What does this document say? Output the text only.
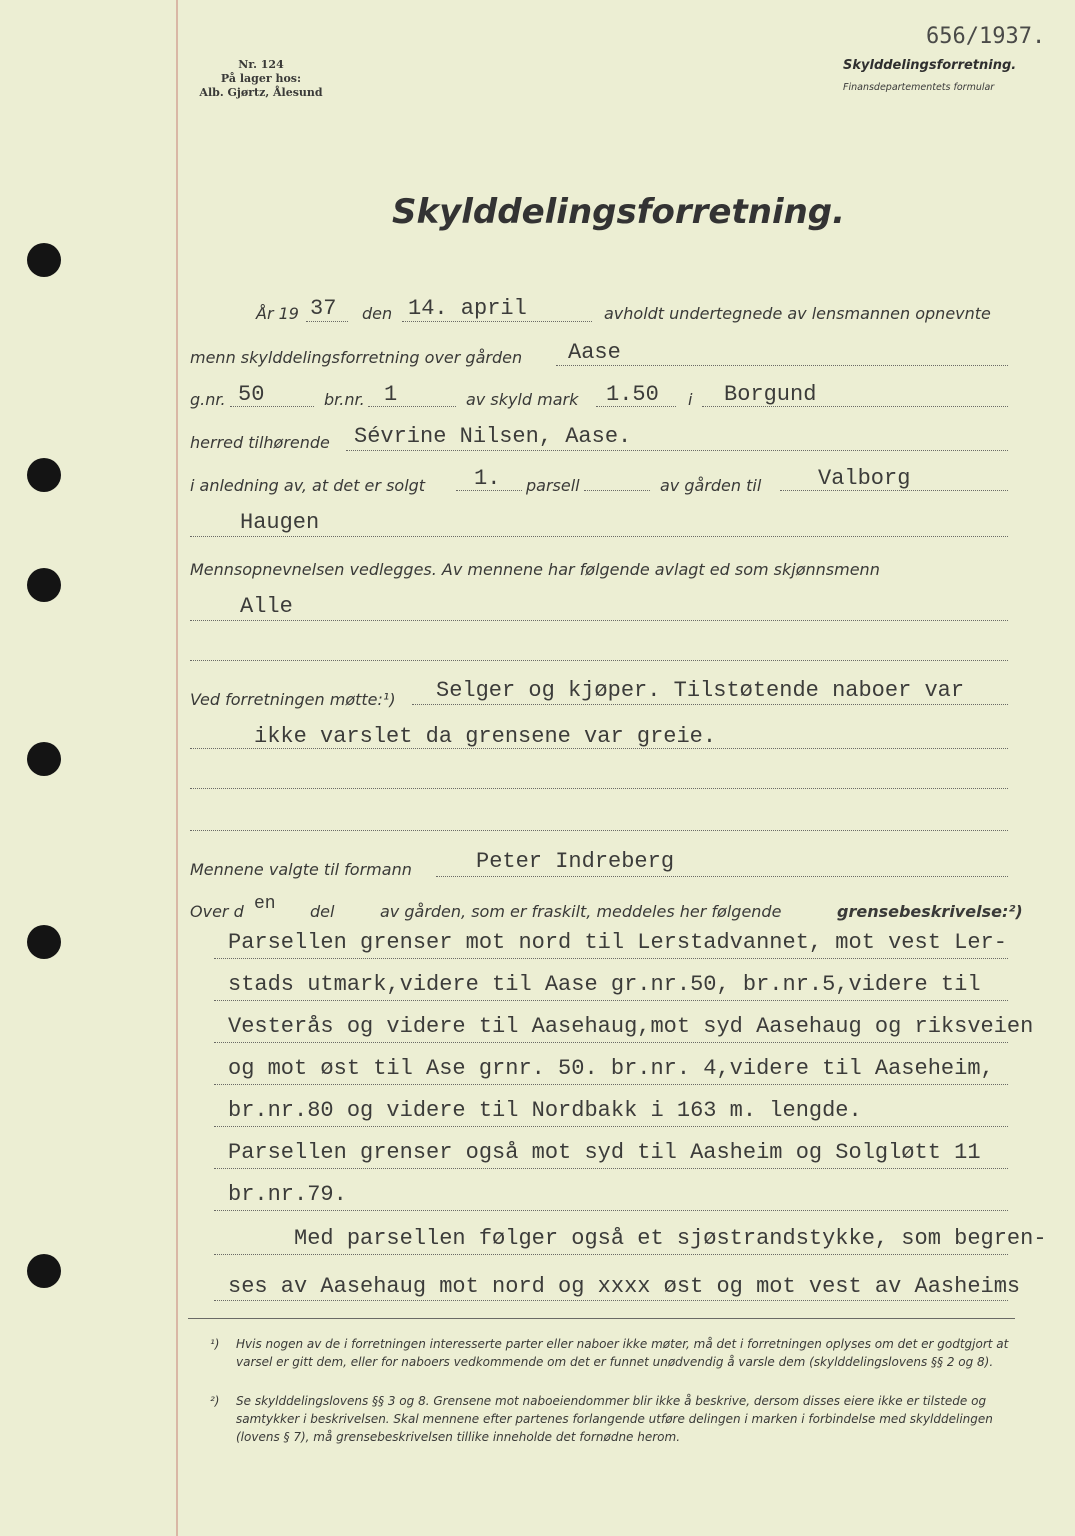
Nr. 124
På lager hos:
Alb. Gjørtz, Ålesund
656/1937.
Skylddelingsforretning.
Finansdepartementets formular
Skylddelingsforretning.
År 19 37 den 14. april	avholdt undertegnede av lensmannen opnevnte
menn skylddelingsforretning over gården Aase
g.nr. 50	br.nr. 1	av skyld mark 1.50 i Borgund
herred tilhørende Sévrine Nilsen, Aase.
i anledning av, at det er solgt 1. parsell	av gården til	Valborg
Haugen
Mennsopnevnelsen vedlegges. Av mennene har følgende avlagt ed som skjønnsmenn
Alle
Ved forretningen møtte:¹) Selger og kjøper. Tilstøtende naboer var
ikke varslet da grensene var greie.
Mennene valgte til formann	Peter Indreberg
Over d en del	av gården, som er fraskilt, meddeles her følgende	grensebeskrivelse:²)
Parsellen grenser mot nord til Lerstadvannet, mot vest Ler-
stads utmark,videre til Aase gr.nr.50, br.nr.5,videre til
Vesterås og videre til Aasehaug,mot syd Aasehaug og riksveien
og mot øst til Ase grnr. 50. br.nr. 4,videre til Aaseheim,
br.nr.80 og videre til Nordbakk i 163 m. lengde.
Parsellen grenser også mot syd til Aasheim og Solgløtt 11
br.nr.79.
Med parsellen følger også et sjøstrandstykke, som begren-
ses av Aasehaug mot nord og xxxx øst og mot vest av Aasheims
¹) Hvis nogen av de i forretningen interesserte parter eller naboer ikke møter, må det i forretningen oplyses om det er godtgjort at varsel er gitt dem, eller for naboers vedkommende om det er funnet unødvendig å varsle dem (skylddelingslovens §§ 2 og 8).
²) Se skylddelingslovens §§ 3 og 8. Grensene mot naboeiendommer blir ikke å beskrive, dersom disses eiere ikke er tilstede og samtykker i beskrivelsen. Skal mennene efter partenes forlangende utføre delingen i marken i forbindelse med skylddelingen (lovens § 7), må grensebeskrivelsen tillike inneholde det fornødne herom.
